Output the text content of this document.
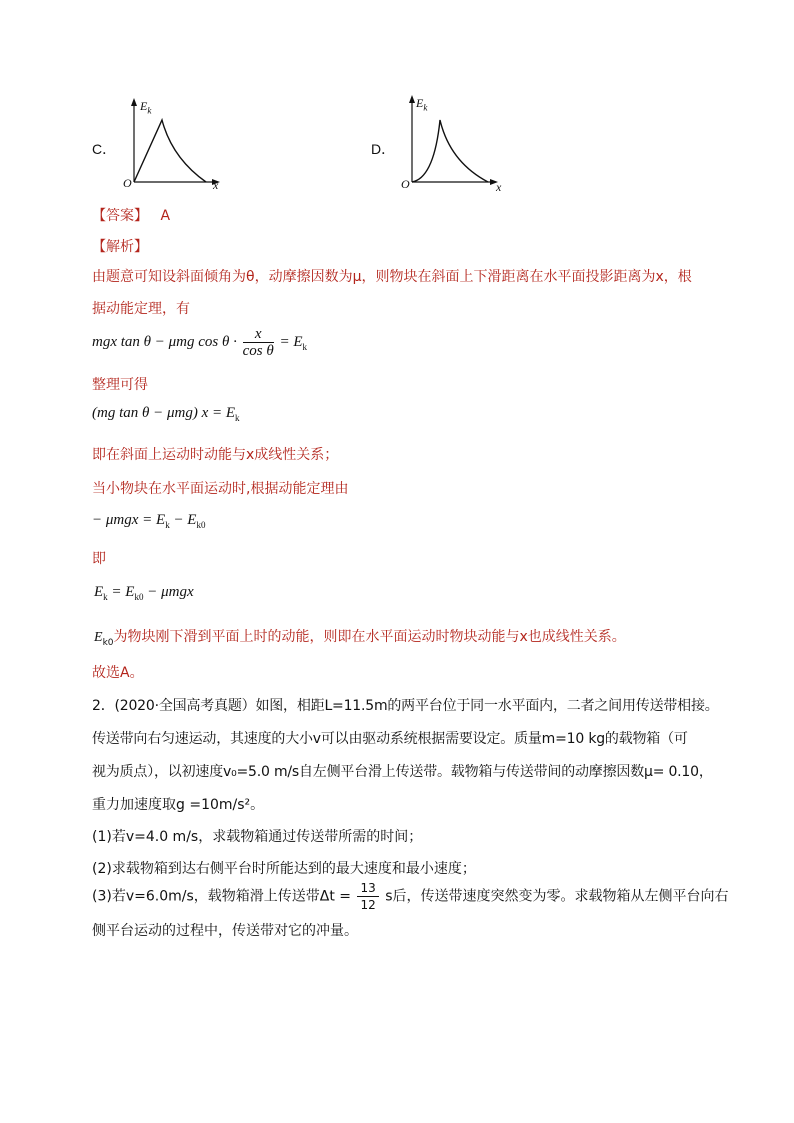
C．
$E_k$
O	x
D．
$E_k$
O	x
【答案】 A
【解析】
由题意可知设斜面倾角为θ，动摩擦因数为μ，则物块在斜面上下滑距离在水平面投影距离为x，根
据动能定理，有
mgx tan θ − μmg $\cos \theta \cdot \frac{x}{\text{cos θ}} = E_k$
整理可得
(mg tan θ − μmg) $x = E_k$
即在斜面上运动时动能与x成线性关系；
当小物块在水平面运动时,根据动能定理由
− $\mu mgx = E_k - E_{k0}$
即
$E_k = E_{k0} - \mu mgx$
$E_{k0}$为物块刚下滑到平面上时的动能，则即在水平面运动时物块动能与x也成线性关系。
故选A。
2．(2020·全国高考真题）如图，相距L=11.5m的两平台位于同一水平面内，二者之间用传送带相接。
传送带向右匀速运动，其速度的大小v可以由驱动系统根据需要设定。质量m=10 kg的载物箱（可
视为质点），以初速度v₀=5.0 m/s自左侧平台滑上传送带。载物箱与传送带间的动摩擦因数μ= 0.10，
重力加速度取g =10m/s²。
(1)若v=4.0 m/s，求载物箱通过传送带所需的时间；
(2)求载物箱到达右侧平台时所能达到的最大速度和最小速度；
(3)若v=6.0m/s，载物箱滑上传送带$\Delta t = \frac{13}{12}$ s后，传送带速度突然变为零。求载物箱从左侧平台向右
侧平台运动的过程中，传送带对它的冲量。
